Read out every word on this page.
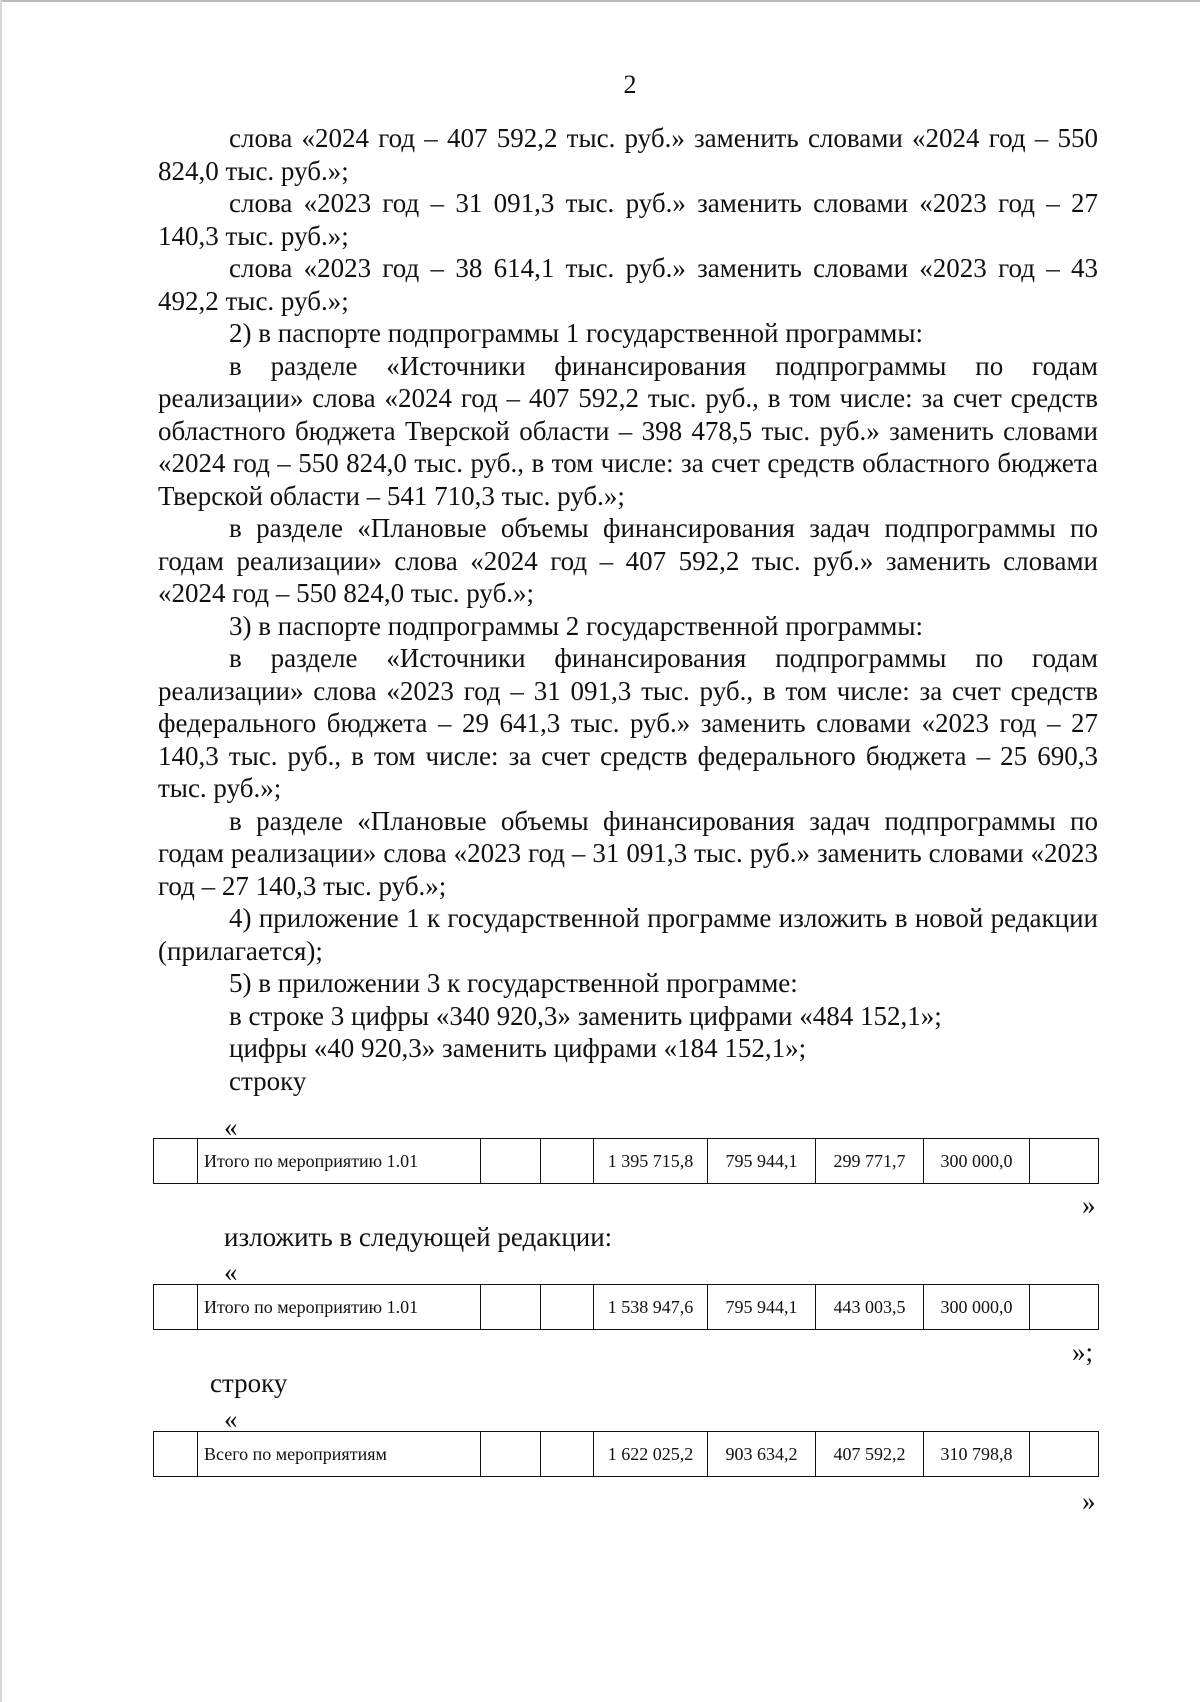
2

слова «2024 год – 407 592,2 тыс. руб.» заменить словами «2024 год – 550 824,0 тыс. руб.»;

слова «2023 год – 31 091,3 тыс. руб.» заменить словами «2023 год – 27 140,3 тыс. руб.»;

слова «2023 год – 38 614,1 тыс. руб.» заменить словами «2023 год – 43 492,2 тыс. руб.»;

2) в паспорте подпрограммы 1 государственной программы:

в разделе «Источники финансирования подпрограммы по годам реализации» слова «2024 год – 407 592,2 тыс. руб., в том числе: за счет средств областного бюджета Тверской области – 398 478,5 тыс. руб.» заменить словами «2024 год – 550 824,0 тыс. руб., в том числе: за счет средств областного бюджета Тверской области – 541 710,3 тыс. руб.»;

в разделе «Плановые объемы финансирования задач подпрограммы по годам реализации» слова «2024 год – 407 592,2 тыс. руб.» заменить словами «2024 год – 550 824,0 тыс. руб.»;

3) в паспорте подпрограммы 2 государственной программы:

в разделе «Источники финансирования подпрограммы по годам реализации» слова «2023 год – 31 091,3 тыс. руб., в том числе: за счет средств федерального бюджета – 29 641,3 тыс. руб.» заменить словами «2023 год – 27 140,3 тыс. руб., в том числе: за счет средств федерального бюджета – 25 690,3 тыс. руб.»;

в разделе «Плановые объемы финансирования задач подпрограммы по годам реализации» слова «2023 год – 31 091,3 тыс. руб.» заменить словами «2023 год – 27 140,3 тыс. руб.»;

4) приложение 1 к государственной программе изложить в новой редакции (прилагается);

5) в приложении 3 к государственной программе:

в строке 3 цифры «340 920,3» заменить цифрами «484 152,1»;

цифры «40 920,3» заменить цифрами «184 152,1»;

строку

«
	Итого по мероприятию 1.01			1 395 715,8	795 944,1	299 771,7	300 000,0	
»
изложить в следующей редакции:
«
	Итого по мероприятию 1.01			1 538 947,6	795 944,1	443 003,5	300 000,0	
»;
строку
«
	Всего по мероприятиям			1 622 025,2	903 634,2	407 592,2	310 798,8	
»
